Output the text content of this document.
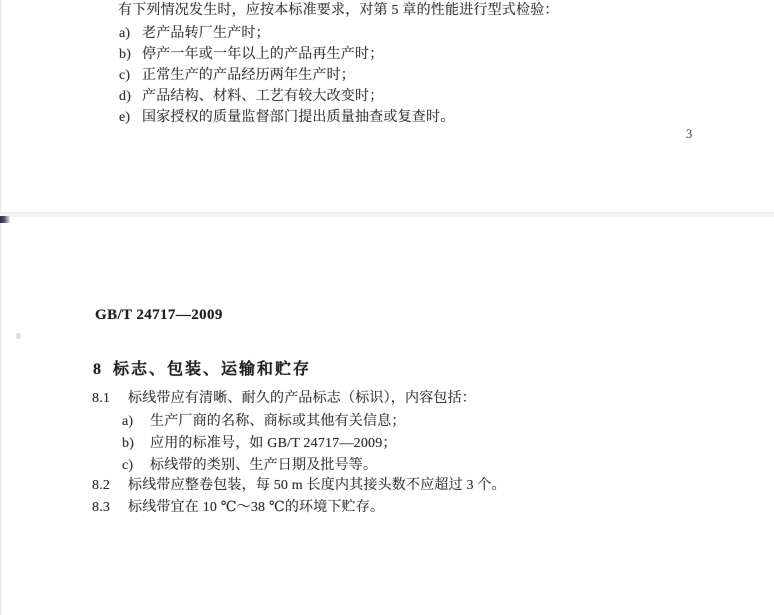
有下列情况发生时，应按本标准要求，对第 5 章的性能进行型式检验：
a) 老产品转厂生产时；
b) 停产一年或一年以上的产品再生产时；
c) 正常生产的产品经历两年生产时；
d) 产品结构、材料、工艺有较大改变时；
e) 国家授权的质量监督部门提出质量抽查或复查时。
3
GB/T 24717—2009
8 标志、包装、运输和贮存
8.1 标线带应有清晰、耐久的产品标志（标识），内容包括：
a) 生产厂商的名称、商标或其他有关信息；
b) 应用的标准号，如 GB/T 24717—2009；
c) 标线带的类别、生产日期及批号等。
8.2 标线带应整卷包装，每 50 m 长度内其接头数不应超过 3 个。
8.3 标线带宜在 10 ℃～38 ℃的环境下贮存。
